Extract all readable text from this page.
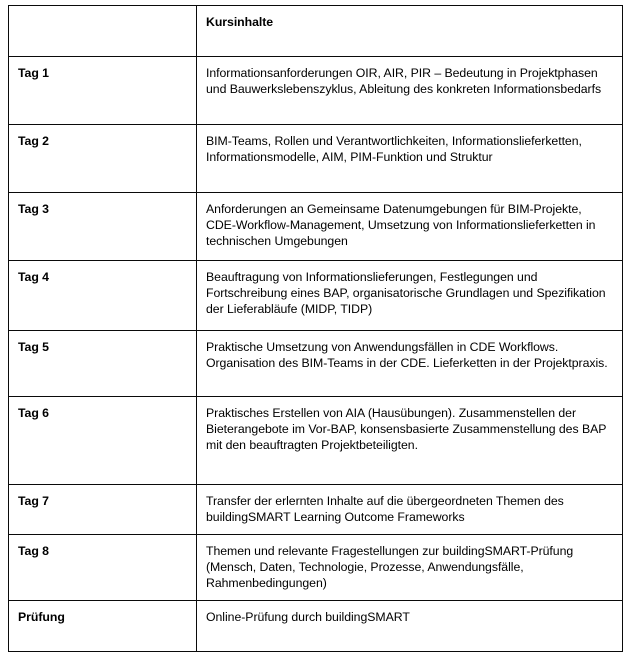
	Kursinhalte
Tag 1	Informationsanforderungen OIR, AIR, PIR – Bedeutung in Projektphasen und Bauwerkslebenszyklus, Ableitung des konkreten Informationsbedarfs
Tag 2	BIM-Teams, Rollen und Verantwortlichkeiten, Informationslieferketten, Informationsmodelle, AIM, PIM-Funktion und Struktur
Tag 3	Anforderungen an Gemeinsame Datenumgebungen für BIM-Projekte, CDE-Workflow-Management, Umsetzung von Informationslieferketten in technischen Umgebungen
Tag 4	Beauftragung von Informationslieferungen, Festlegungen und Fortschreibung eines BAP, organisatorische Grundlagen und Spezifikation der Lieferabläufe (MIDP, TIDP)
Tag 5	Praktische Umsetzung von Anwendungsfällen in CDE Workflows. Organisation des BIM-Teams in der CDE. Lieferketten in der Projektpraxis.
Tag 6	Praktisches Erstellen von AIA (Hausübungen). Zusammenstellen der Bieterangebote im Vor-BAP, konsensbasierte Zusammenstellung des BAP mit den beauftragten Projektbeteiligten.
Tag 7	Transfer der erlernten Inhalte auf die übergeordneten Themen des buildingSMART Learning Outcome Frameworks
Tag 8	Themen und relevante Fragestellungen zur buildingSMART-Prüfung (Mensch, Daten, Technologie, Prozesse, Anwendungsfälle, Rahmenbedingungen)
Prüfung	Online-Prüfung durch buildingSMART
